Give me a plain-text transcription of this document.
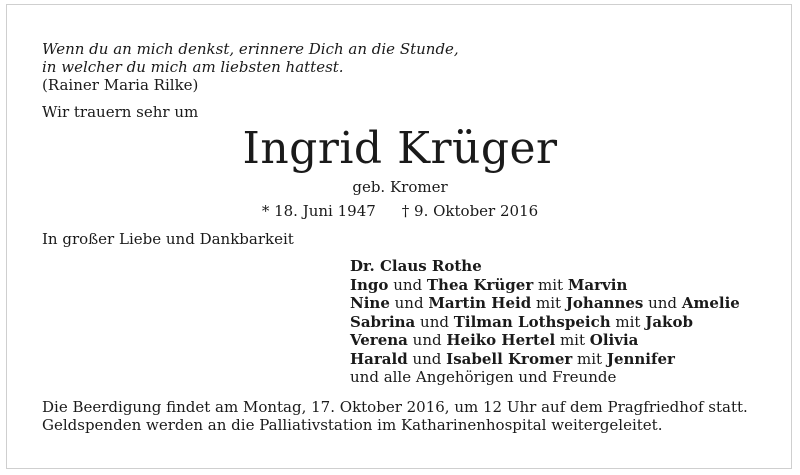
Wenn du an mich denkst, erinnere Dich an die Stunde,
in welcher du mich am liebsten hattest.
(Rainer Maria Rilke)
Wir trauern sehr um
Ingrid Krüger
geb. Kromer
* 18. Juni 1947 † 9. Oktober 2016
In großer Liebe und Dankbarkeit
Dr. Claus Rothe
Ingo und Thea Krüger mit Marvin
Nine und Martin Heid mit Johannes und Amelie
Sabrina und Tilman Lothspeich mit Jakob
Verena und Heiko Hertel mit Olivia
Harald und Isabell Kromer mit Jennifer
und alle Angehörigen und Freunde
Die Beerdigung findet am Montag, 17. Oktober 2016, um 12 Uhr auf dem Pragfriedhof statt.
Geldspenden werden an die Palliativstation im Katharinenhospital weitergeleitet.
